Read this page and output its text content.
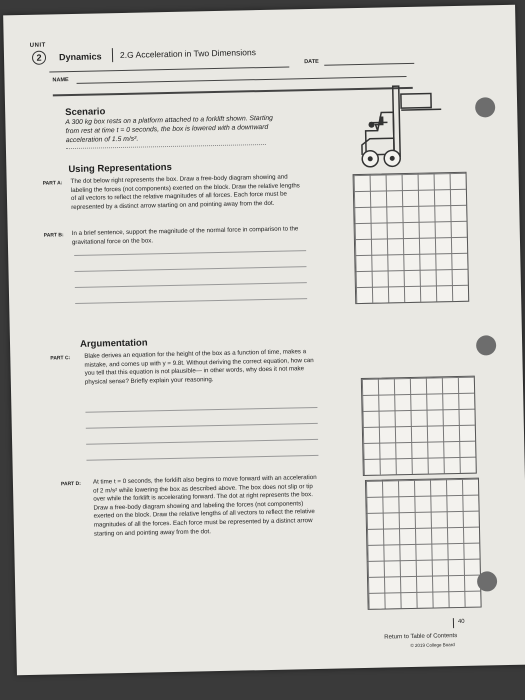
UNIT
2	Dynamics 2.G Acceleration in Two Dimensions
DATE
NAME
Scenario
A 300 kg box rests on a platform attached to a forklift shown. Starting from rest at time t = 0 seconds, the box is lowered with a downward acceleration of 1.5 m/s².
Using Representations
PART A: The dot below right represents the box. Draw a free-body diagram showing and labeling the forces (not components) exerted on the block. Draw the relative lengths of all vectors to reflect the relative magnitudes of all forces. Each force must be represented by a distinct arrow starting on and pointing away from the dot.
PART B: In a brief sentence, support the magnitude of the normal force in comparison to the gravitational force on the box.
Argumentation
PART C: Blake derives an equation for the height of the box as a function of time, makes a mistake, and comes up with y = 9.8t. Without deriving the correct equation, how can you tell that this equation is not plausible— in other words, why does it not make physical sense? Briefly explain your reasoning.
PART D: At time t = 0 seconds, the forklift also begins to move forward with an acceleration of 2 m/s² while lowering the box as described above. The box does not slip or tip over while the forklift is accelerating forward. The dot at right represents the box. Draw a free-body diagram showing and labeling the forces (not components) exerted on the block. Draw the relative lengths of all vectors to reflect the relative magnitudes of all the forces. Each force must be represented by a distinct arrow starting on and pointing away from the dot.
40
Return to Table of Contents
© 2019 College Board
